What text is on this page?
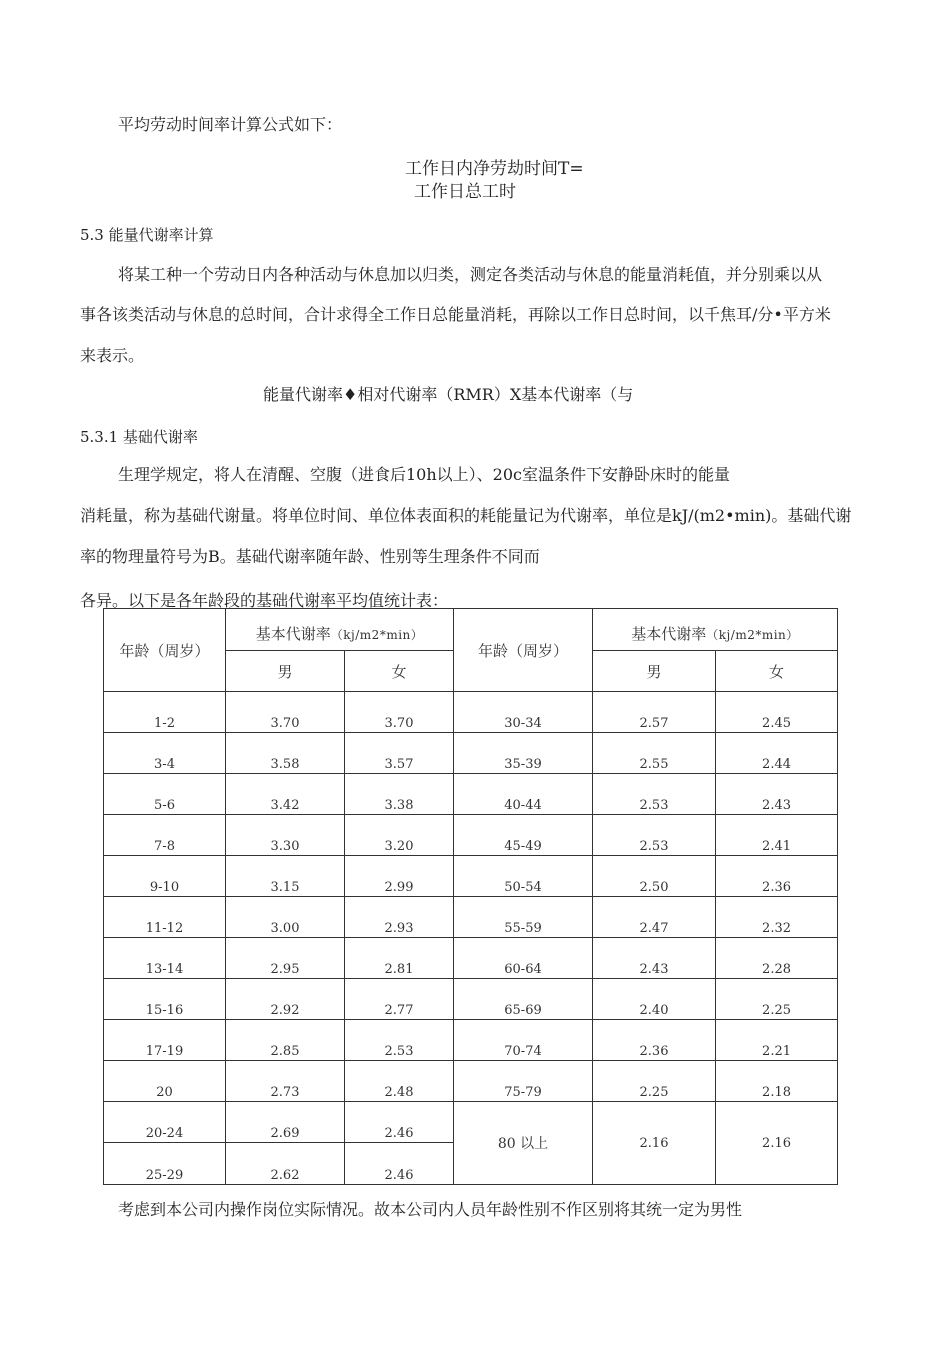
平均劳动时间率计算公式如下：
工作日内净劳劫时间T=
工作日总工时
5.3 能量代谢率计算
将某工种一个劳动日内各种活动与休息加以归类，测定各类活动与休息的能量消耗值，并分别乘以从
事各该类活动与休息的总时间，合计求得全工作日总能量消耗，再除以工作日总时间，以千焦耳/分•平方米
来表示。
能量代谢率♦相对代谢率（RMR）X基本代谢率（与
5.3.1 基础代谢率
生理学规定，将人在清醒、空腹（进食后10h以上）、20c室温条件下安静卧床时的能量
消耗量，称为基础代谢量。将单位时间、单位体表面积的耗能量记为代谢率，单位是kJ/(m2•min)。基础代谢
率的物理量符号为B。基础代谢率随年龄、性别等生理条件不同而
各异。以下是各年龄段的基础代谢率平均值统计表：
年龄（周岁）	基本代谢率（kj/m2*min）		年龄（周岁）	基本代谢率（kj/m2*min）	
	男	女		男	女
1-2	3.70	3.70	30-34	2.57	2.45
3-4	3.58	3.57	35-39	2.55	2.44
5-6	3.42	3.38	40-44	2.53	2.43
7-8	3.30	3.20	45-49	2.53	2.41
9-10	3.15	2.99	50-54	2.50	2.36
11-12	3.00	2.93	55-59	2.47	2.32
13-14	2.95	2.81	60-64	2.43	2.28
15-16	2.92	2.77	65-69	2.40	2.25
17-19	2.85	2.53	70-74	2.36	2.21
20	2.73	2.48	75-79	2.25	2.18
20-24	2.69	2.46	80 以上	2.16	2.16
25-29	2.62	2.46			
考虑到本公司内操作岗位实际情况。故本公司内人员年龄性别不作区别将其统一定为男性
